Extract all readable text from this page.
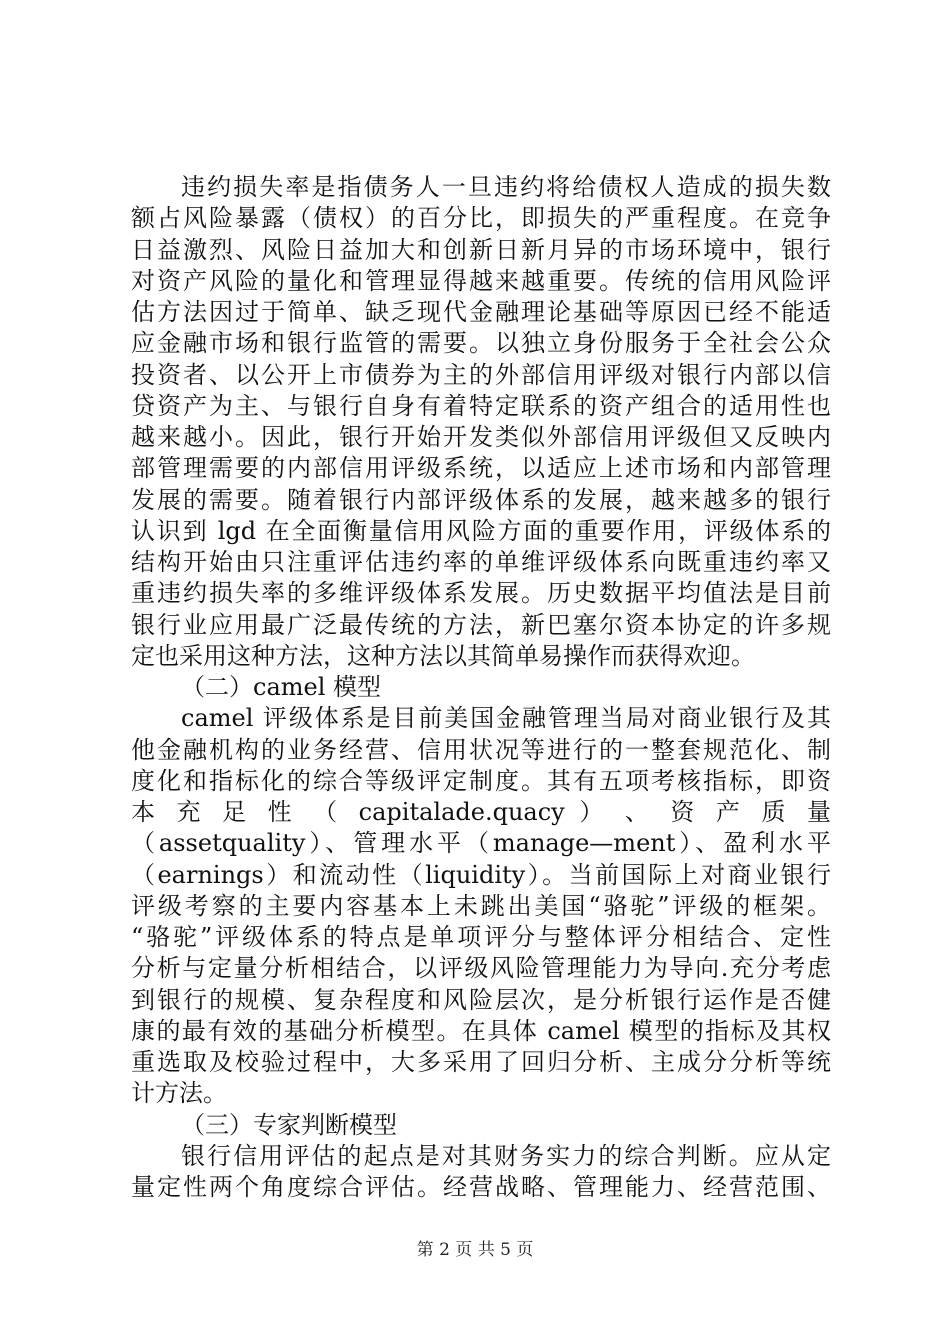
违约损失率是指债务人一旦违约将给债权人造成的损失数
额占风险暴露（债权）的百分比，即损失的严重程度。在竞争
日益激烈、风险日益加大和创新日新月异的市场环境中，银行
对资产风险的量化和管理显得越来越重要。传统的信用风险评
估方法因过于简单、缺乏现代金融理论基础等原因已经不能适
应金融市场和银行监管的需要。以独立身份服务于全社会公众
投资者、以公开上市债券为主的外部信用评级对银行内部以信
贷资产为主、与银行自身有着特定联系的资产组合的适用性也
越来越小。因此，银行开始开发类似外部信用评级但又反映内
部管理需要的内部信用评级系统，以适应上述市场和内部管理
发展的需要。随着银行内部评级体系的发展，越来越多的银行
认识到 lgd 在全面衡量信用风险方面的重要作用，评级体系的
结构开始由只注重评估违约率的单维评级体系向既重违约率又
重违约损失率的多维评级体系发展。历史数据平均值法是目前
银行业应用最广泛最传统的方法，新巴塞尔资本协定的许多规
定也采用这种方法，这种方法以其简单易操作而获得欢迎。
（二）camel 模型
camel 评级体系是目前美国金融管理当局对商业银行及其
他金融机构的业务经营、信用状况等进行的一整套规范化、制
度化和指标化的综合等级评定制度。其有五项考核指标，即资
本 充 足 性 （ capitalade.quacy ） 、 资 产 质 量
（assetquality）、管理水平（manage—ment）、盈利水平
（earnings）和流动性（liquidity）。当前国际上对商业银行
评级考察的主要内容基本上未跳出美国“骆驼”评级的框架。
“骆驼”评级体系的特点是单项评分与整体评分相结合、定性
分析与定量分析相结合，以评级风险管理能力为导向.充分考虑
到银行的规模、复杂程度和风险层次，是分析银行运作是否健
康的最有效的基础分析模型。在具体 camel 模型的指标及其权
重选取及校验过程中，大多采用了回归分析、主成分分析等统
计方法。
（三）专家判断模型
银行信用评估的起点是对其财务实力的综合判断。应从定
量定性两个角度综合评估。经营战略、管理能力、经营范围、
第 2 页 共 5 页
